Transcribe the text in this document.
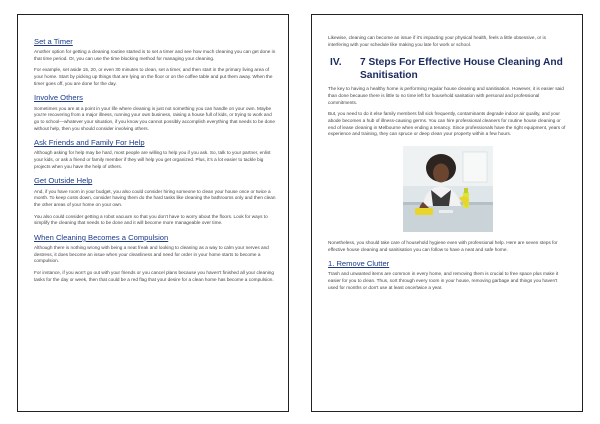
Set a Timer

Another option for getting a cleaning routine started is to set a timer and see how much cleaning you can get done in that time period. Or, you can use the time blocking method for managing your cleaning.

For example, set aside 15, 20, or even 30 minutes to clean, set a timer, and then start in the primary living area of your home. Start by picking up things that are lying on the floor or on the coffee table and put them away. When the timer goes off, you are done for the day.

Involve Others

Sometimes you are at a point in your life where cleaning is just not something you can handle on your own. Maybe you're recovering from a major illness, running your own business, raising a house full of kids, or trying to work and go to school—whatever your situation, if you know you cannot possibly accomplish everything that needs to be done without help, then you should consider involving others.

Ask Friends and Family For Help

Although asking for help may be hard, most people are willing to help you if you ask. So, talk to your partner, enlist your kids, or ask a friend or family member if they will help you get organized. Plus, it's a lot easier to tackle big projects when you have the help of others.

Get Outside Help

And, if you have room in your budget, you also could consider hiring someone to clean your house once or twice a month. To keep costs down, consider having them do the hard tasks like cleaning the bathrooms only and then clean the other areas of your home on your own.

You also could consider getting a robot vacuum so that you don't have to worry about the floors. Look for ways to simplify the cleaning that needs to be done and it will become more manageable over time.

When Cleaning Becomes a Compulsion

Although there is nothing wrong with being a neat freak and looking to cleaning as a way to calm your nerves and destress, it does become an issue when your cleanliness and need for order in your home starts to become a compulsion.

For instance, if you won't go out with your friends or you cancel plans because you haven't finished all your cleaning tasks for the day or week, then that could be a red flag that your desire for a clean home has become a compulsion.

Likewise, cleaning can become an issue if it's impacting your physical health, feels a little obsessive, or is interfering with your schedule like making you late for work or school.

IV.	7 Steps For Effective House Cleaning And Sanitisation

The key to having a healthy home is performing regular house cleaning and sanitisation. However, it is easier said than done because there is little to no time left for household sanitation with personal and professional commitments.

But, you need to do it else family members fall sick frequently, contaminants degrade indoor air quality, and your abode becomes a hub of illness-causing germs. You can hire professional cleaners for routine house cleaning or end of lease cleaning in Melbourne when ending a tenancy. Since professionals have the right equipment, years of experience and training, they can spruce or deep clean your property within a few hours.

Nonetheless, you should take care of household hygiene even with professional help. Here are seven steps for effective house cleaning and sanitisation you can follow to have a neat and safe home.

1. Remove Clutter

Trash and unwanted items are common in every home, and removing them is crucial to free space plus make it easier for you to clean. Thus, sort through every room in your house, removing garbage and things you haven't used for months or don't use at least once/twice a year.
